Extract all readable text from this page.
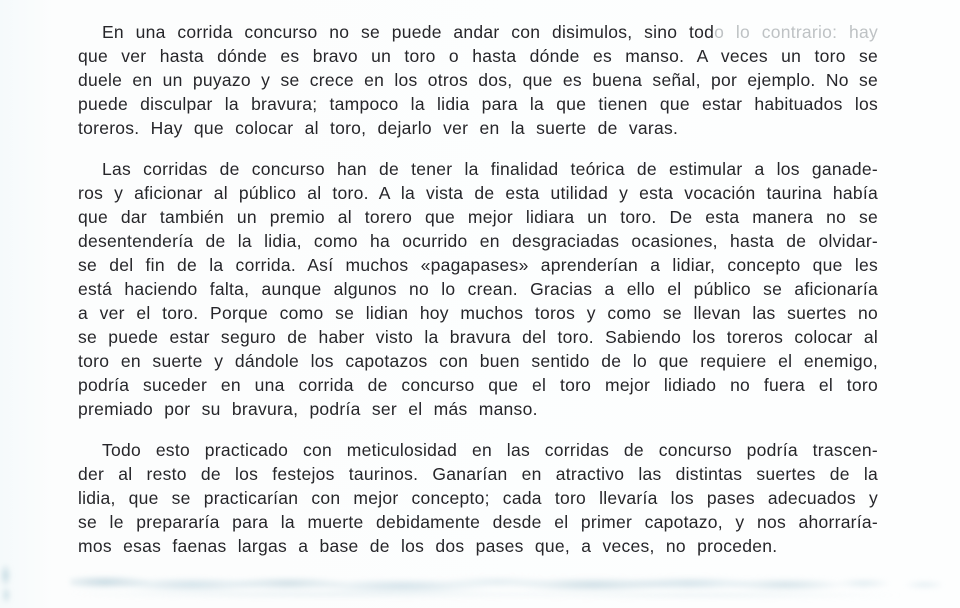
En una corrida concurso no se puede andar con disimulos, sino todo lo contrario: hay
que ver hasta dónde es bravo un toro o hasta dónde es manso. A veces un toro se
duele en un puyazo y se crece en los otros dos, que es buena señal, por ejemplo. No se
puede disculpar la bravura; tampoco la lidia para la que tienen que estar habituados los
toreros. Hay que colocar al toro, dejarlo ver en la suerte de varas.
Las corridas de concurso han de tener la finalidad teórica de estimular a los ganade-
ros y aficionar al público al toro. A la vista de esta utilidad y esta vocación taurina había
que dar también un premio al torero que mejor lidiara un toro. De esta manera no se
desentendería de la lidia, como ha ocurrido en desgraciadas ocasiones, hasta de olvidar-
se del fin de la corrida. Así muchos «pagapases» aprenderían a lidiar, concepto que les
está haciendo falta, aunque algunos no lo crean. Gracias a ello el público se aficionaría
a ver el toro. Porque como se lidian hoy muchos toros y como se llevan las suertes no
se puede estar seguro de haber visto la bravura del toro. Sabiendo los toreros colocar al
toro en suerte y dándole los capotazos con buen sentido de lo que requiere el enemigo,
podría suceder en una corrida de concurso que el toro mejor lidiado no fuera el toro
premiado por su bravura, podría ser el más manso.
Todo esto practicado con meticulosidad en las corridas de concurso podría trascen-
der al resto de los festejos taurinos. Ganarían en atractivo las distintas suertes de la
lidia, que se practicarían con mejor concepto; cada toro llevaría los pases adecuados y
se le prepararía para la muerte debidamente desde el primer capotazo, y nos ahorraría-
mos esas faenas largas a base de los dos pases que, a veces, no proceden.
